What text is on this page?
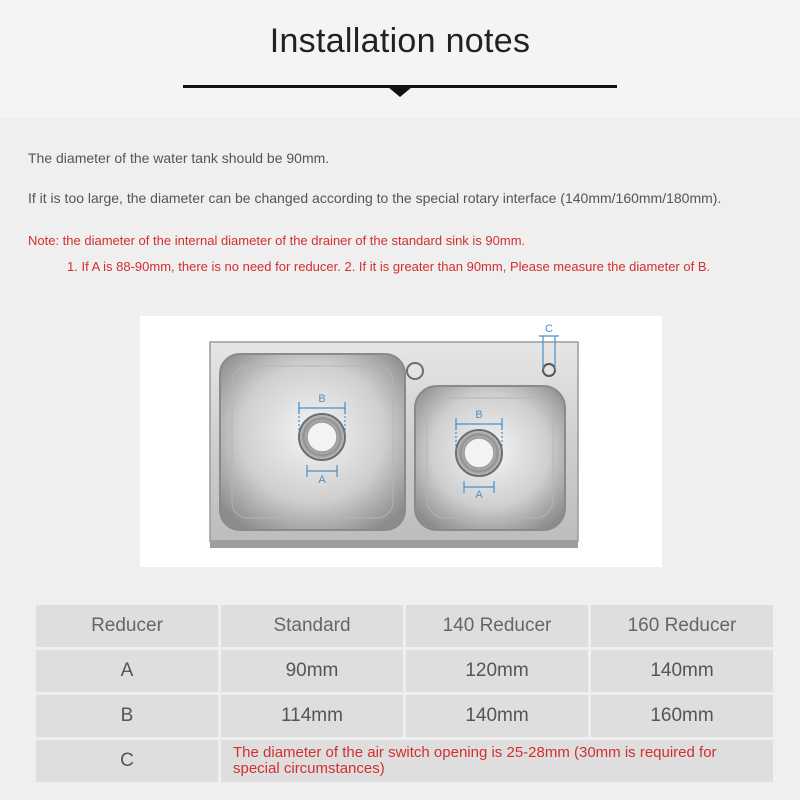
Installation notes
The diameter of the water tank should be 90mm.
If it is too large, the diameter can be changed according to the special rotary interface (140mm/160mm/180mm).
Note: the diameter of the internal diameter of the drainer of the standard sink is 90mm.
1. If A is 88-90mm, there is no need for reducer. 2. If it is greater than 90mm, Please measure the diameter of B.
B
A
B
A
C
Reducer	Standard	140 Reducer	160 Reducer
A	90mm	120mm	140mm
B	114mm	140mm	160mm
C	The diameter of the air switch opening is 25-28mm (30mm is required for special circumstances)		
